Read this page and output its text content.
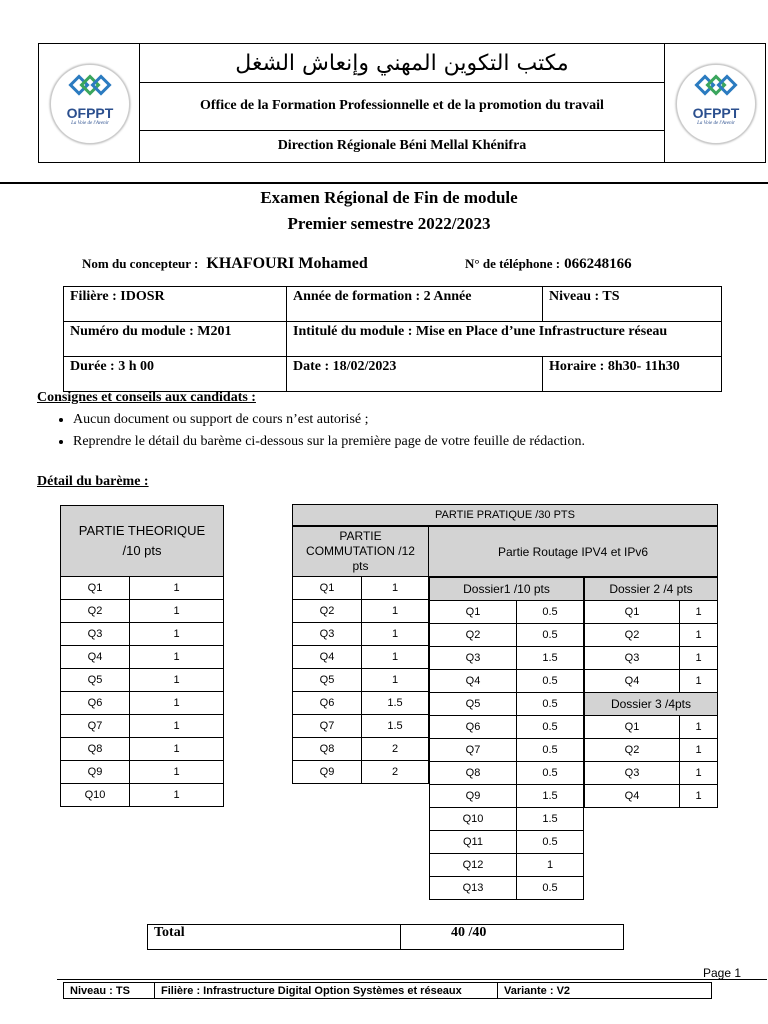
OFPPT
La Voie de l'Avenir
مكتب التكوين المهني وإنعاش الشغل
Office de la Formation Professionnelle et de la promotion du travail
Direction Régionale Béni Mellal Khénifra
OFPPT
La Voie de l'Avenir
Examen Régional de Fin de module
Premier semestre 2022/2023
Nom du concepteur : KHAFOURI Mohamed	N° de téléphone : 066248166
Filière : IDOSR	Année de formation : 2 Année	Niveau : TS
Numéro du module : M201	Intitulé du module : Mise en Place d’une Infrastructure réseau	
Durée : 3 h 00	Date : 18/02/2023	Horaire : 8h30- 11h30
Consignes et conseils aux candidats :
• Aucun document ou support de cours n’est autorisé ;
• Reprendre le détail du barème ci-dessous sur la première page de votre feuille de rédaction.
Détail du barème :
PARTIE THEORIQUE /10 pts	
Q1	1
Q2	1
Q3	1
Q4	1
Q5	1
Q6	1
Q7	1
Q8	1
Q9	1
Q10	1
PARTIE PRATIQUE /30 PTS
PARTIE COMMUTATION /12 pts	
Q1	1
Q2	1
Q3	1
Q4	1
Q5	1
Q6	1.5
Q7	1.5
Q8	2
Q9	2
Partie Routage IPV4 et IPv6
Dossier1 /10 pts	
Q1	0.5
Q2	0.5
Q3	1.5
Q4	0.5
Q5	0.5
Q6	0.5
Q7	0.5
Q8	0.5
Q9	1.5
Q10	1.5
Q11	0.5
Q12	1
Q13	0.5
Dossier 2 /4 pts	
Q1	1
Q2	1
Q3	1
Q4	1
Dossier 3 /4pts	
Q1	1
Q2	1
Q3	1
Q4	1
Total	40 /40
Page 1
Niveau : TS	Filière : Infrastructure Digital Option Systèmes et réseaux	Variante : V2
